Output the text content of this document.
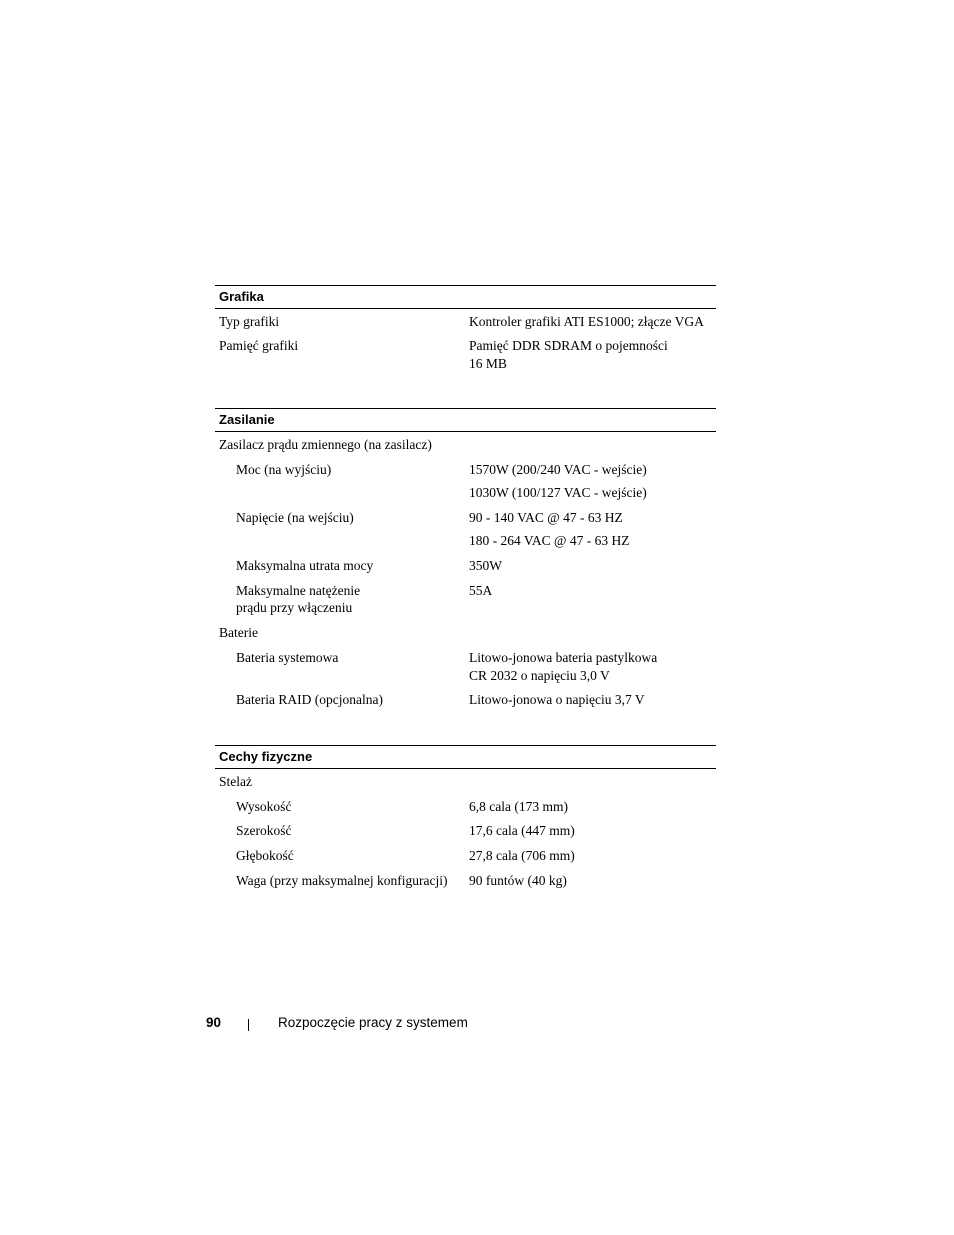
Grafika
Typ grafiki	Kontroler grafiki ATI ES1000; złącze VGA
Pamięć grafiki	Pamięć DDR SDRAM o pojemności
16 MB
Zasilanie
Zasilacz prądu zmiennego (na zasilacz)
Moc (na wyjściu)	1570W (200/240 VAC - wejście)
1030W (100/127 VAC - wejście)
Napięcie (na wejściu)	90 - 140 VAC @ 47 - 63 HZ
180 - 264 VAC @ 47 - 63 HZ
Maksymalna utrata mocy	350W
Maksymalne natężenie	55A
prądu przy włączeniu
Baterie
Bateria systemowa	Litowo-jonowa bateria pastylkowa
CR 2032 o napięciu 3,0 V
Bateria RAID (opcjonalna)	Litowo-jonowa o napięciu 3,7 V
Cechy fizyczne
Stelaż
Wysokość	6,8 cala (173 mm)
Szerokość	17,6 cala (447 mm)
Głębokość	27,8 cala (706 mm)
Waga (przy maksymalnej konfiguracji)	90 funtów (40 kg)
90	Rozpoczęcie pracy z systemem
